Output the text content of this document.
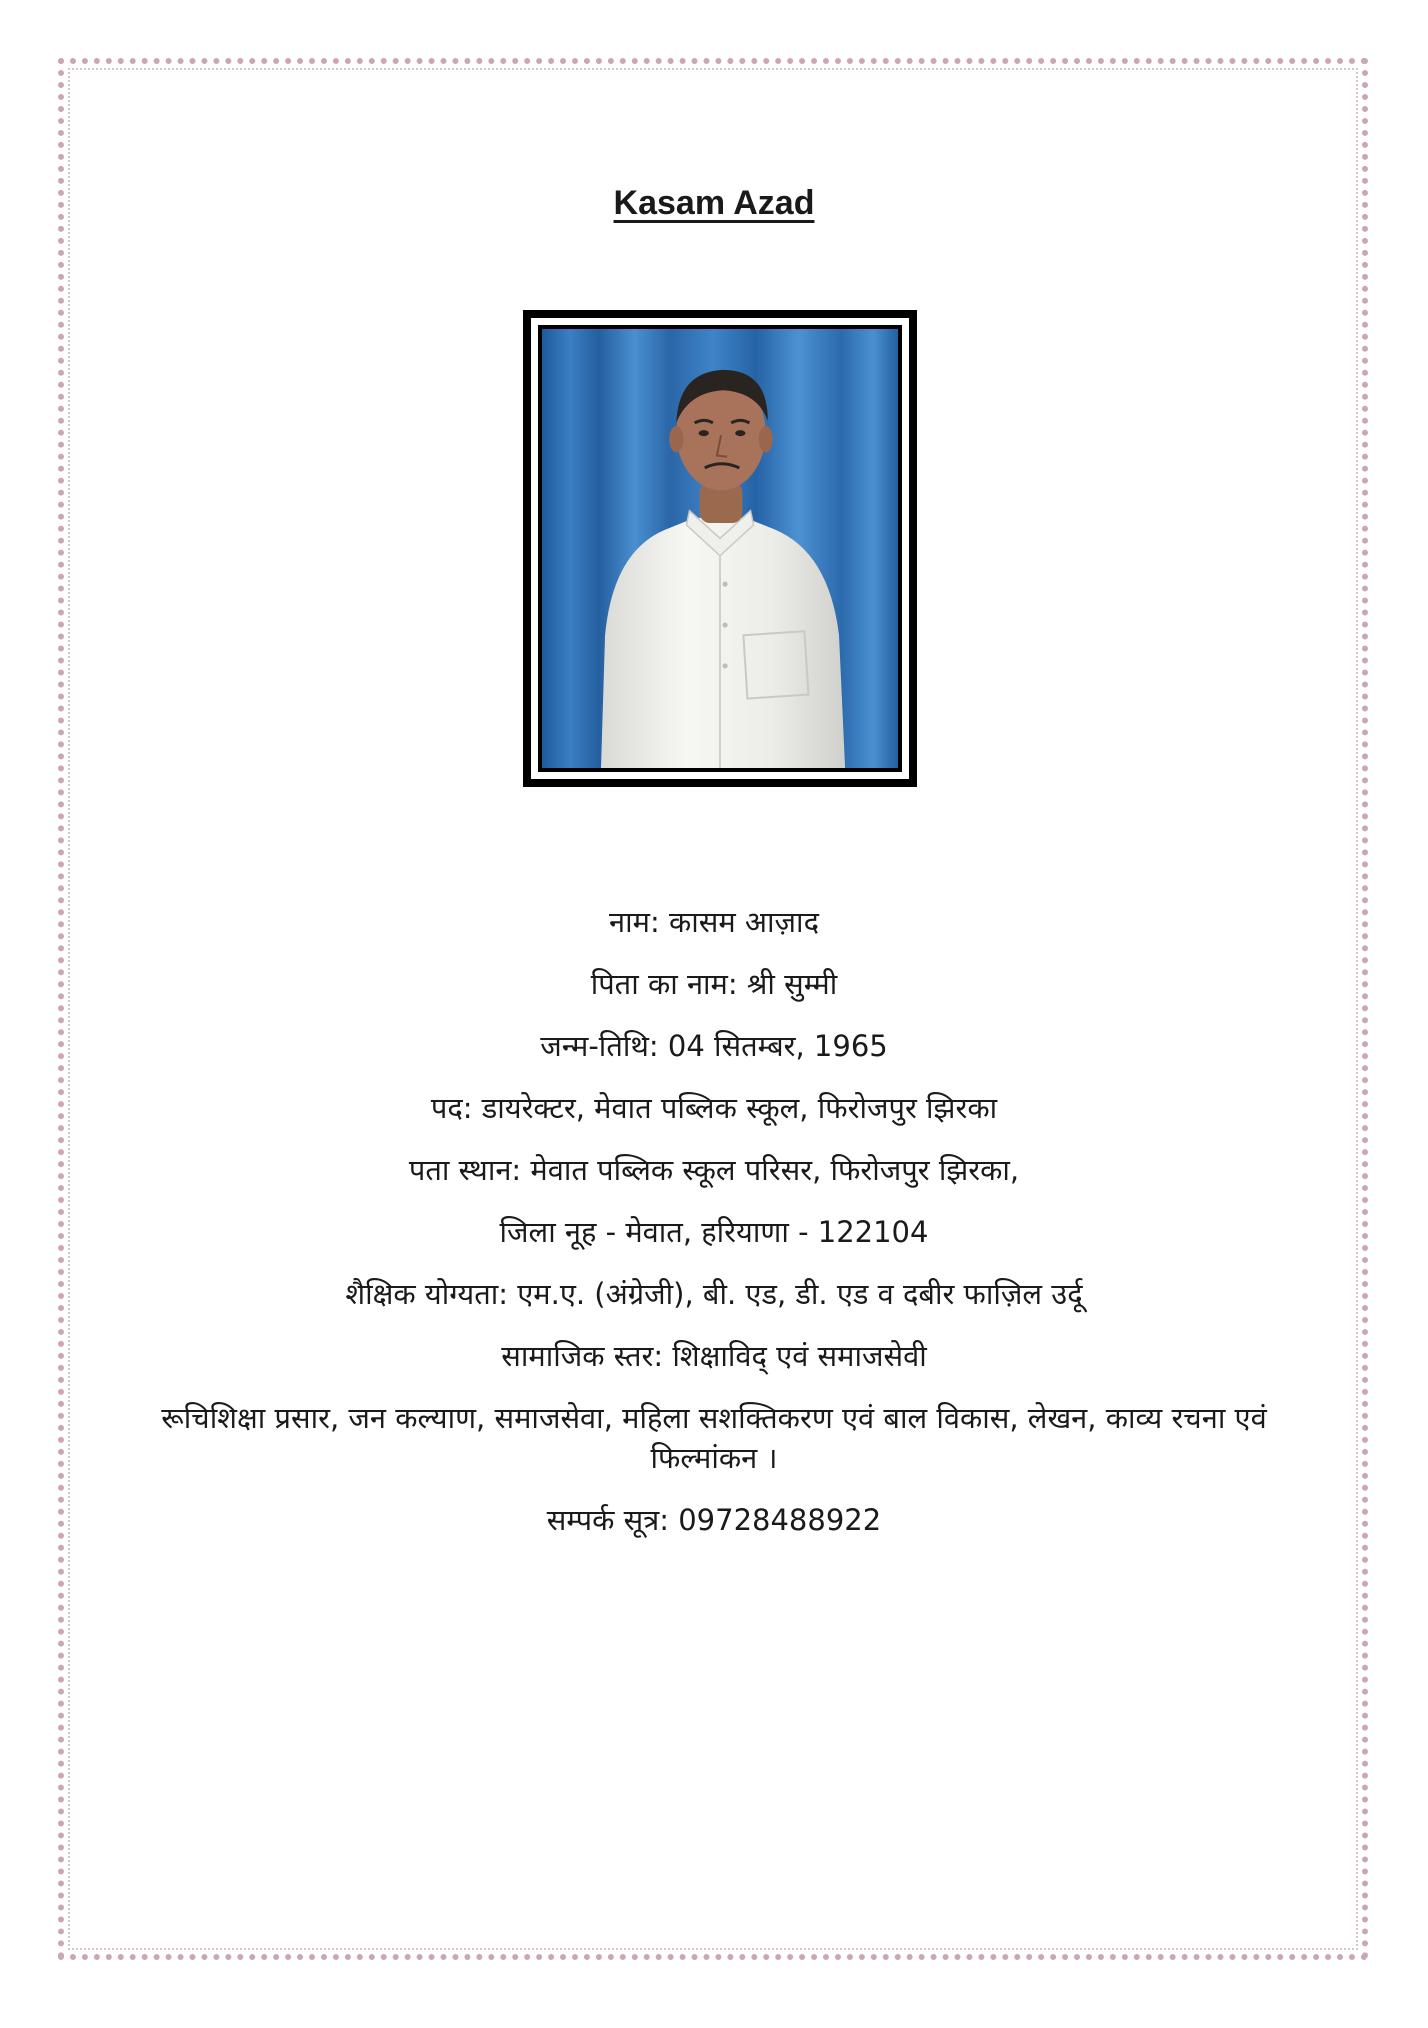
Kasam Azad

नाम: कासम आज़ाद

पिता का नाम: श्री सुम्मी

जन्म-तिथि: 04 सितम्बर, 1965

पद: डायरेक्टर, मेवात पब्लिक स्कूल, फिरोजपुर झिरका

पता स्थान: मेवात पब्लिक स्कूल परिसर, फिरोजपुर झिरका,

जिला नूह - मेवात, हरियाणा - 122104

शैक्षिक योग्यता: एम.ए. (अंग्रेजी), बी. एड, डी. एड व दबीर फाज़िल उर्दू

सामाजिक स्तर: शिक्षाविद् एवं समाजसेवी

रूचिशिक्षा प्रसार, जन कल्याण, समाजसेवा, महिला सशक्तिकरण एवं बाल विकास, लेखन, काव्य रचना एवं फिल्मांकन ।

सम्पर्क सूत्र: 09728488922
